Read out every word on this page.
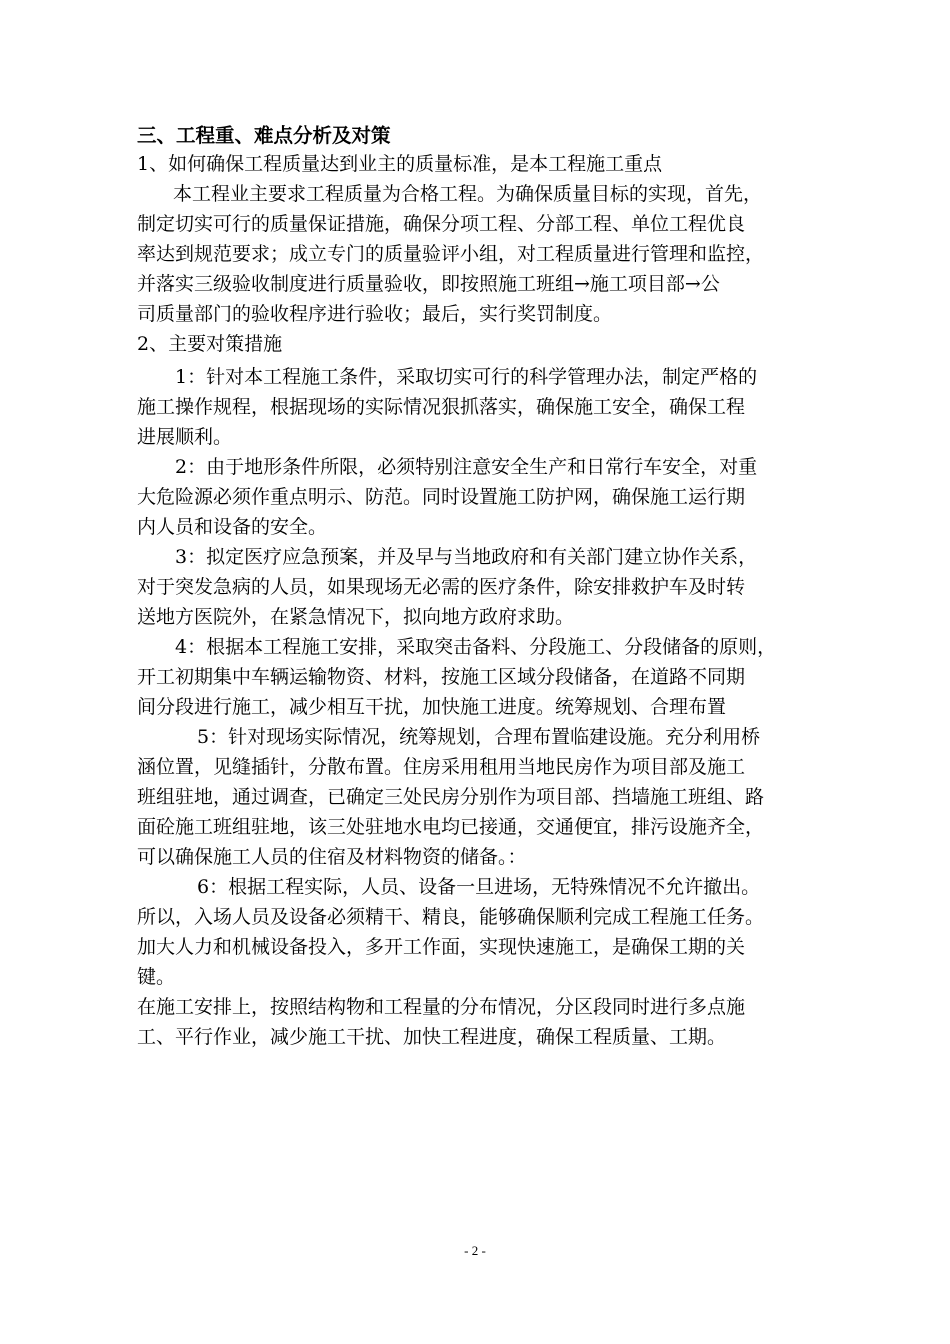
三、工程重、难点分析及对策
1、如何确保工程质量达到业主的质量标准，是本工程施工重点
本工程业主要求工程质量为合格工程。为确保质量目标的实现，首先，
制定切实可行的质量保证措施，确保分项工程、分部工程、单位工程优良
率达到规范要求；成立专门的质量验评小组，对工程质量进行管理和监控，
并落实三级验收制度进行质量验收，即按照施工班组→施工项目部→公
司质量部门的验收程序进行验收；最后，实行奖罚制度。
2、主要对策措施
1：针对本工程施工条件，采取切实可行的科学管理办法，制定严格的
施工操作规程，根据现场的实际情况狠抓落实，确保施工安全，确保工程
进展顺利。
2：由于地形条件所限，必须特别注意安全生产和日常行车安全，对重
大危险源必须作重点明示、防范。同时设置施工防护网，确保施工运行期
内人员和设备的安全。
3：拟定医疗应急预案，并及早与当地政府和有关部门建立协作关系，
对于突发急病的人员，如果现场无必需的医疗条件，除安排救护车及时转
送地方医院外，在紧急情况下，拟向地方政府求助。
4：根据本工程施工安排，采取突击备料、分段施工、分段储备的原则，
开工初期集中车辆运输物资、材料，按施工区域分段储备，在道路不同期
间分段进行施工，减少相互干扰，加快施工进度。统筹规划、合理布置
5：针对现场实际情况，统筹规划，合理布置临建设施。充分利用桥
涵位置，见缝插针，分散布置。住房采用租用当地民房作为项目部及施工
班组驻地，通过调查，已确定三处民房分别作为项目部、挡墙施工班组、路
面砼施工班组驻地，该三处驻地水电均已接通，交通便宜，排污设施齐全，
可以确保施工人员的住宿及材料物资的储备。：
6：根据工程实际，人员、设备一旦进场，无特殊情况不允许撤出。
所以，入场人员及设备必须精干、精良，能够确保顺利完成工程施工任务。
加大人力和机械设备投入，多开工作面，实现快速施工，是确保工期的关
键。
在施工安排上，按照结构物和工程量的分布情况，分区段同时进行多点施
工、平行作业，减少施工干扰、加快工程进度，确保工程质量、工期。
- 2 -
